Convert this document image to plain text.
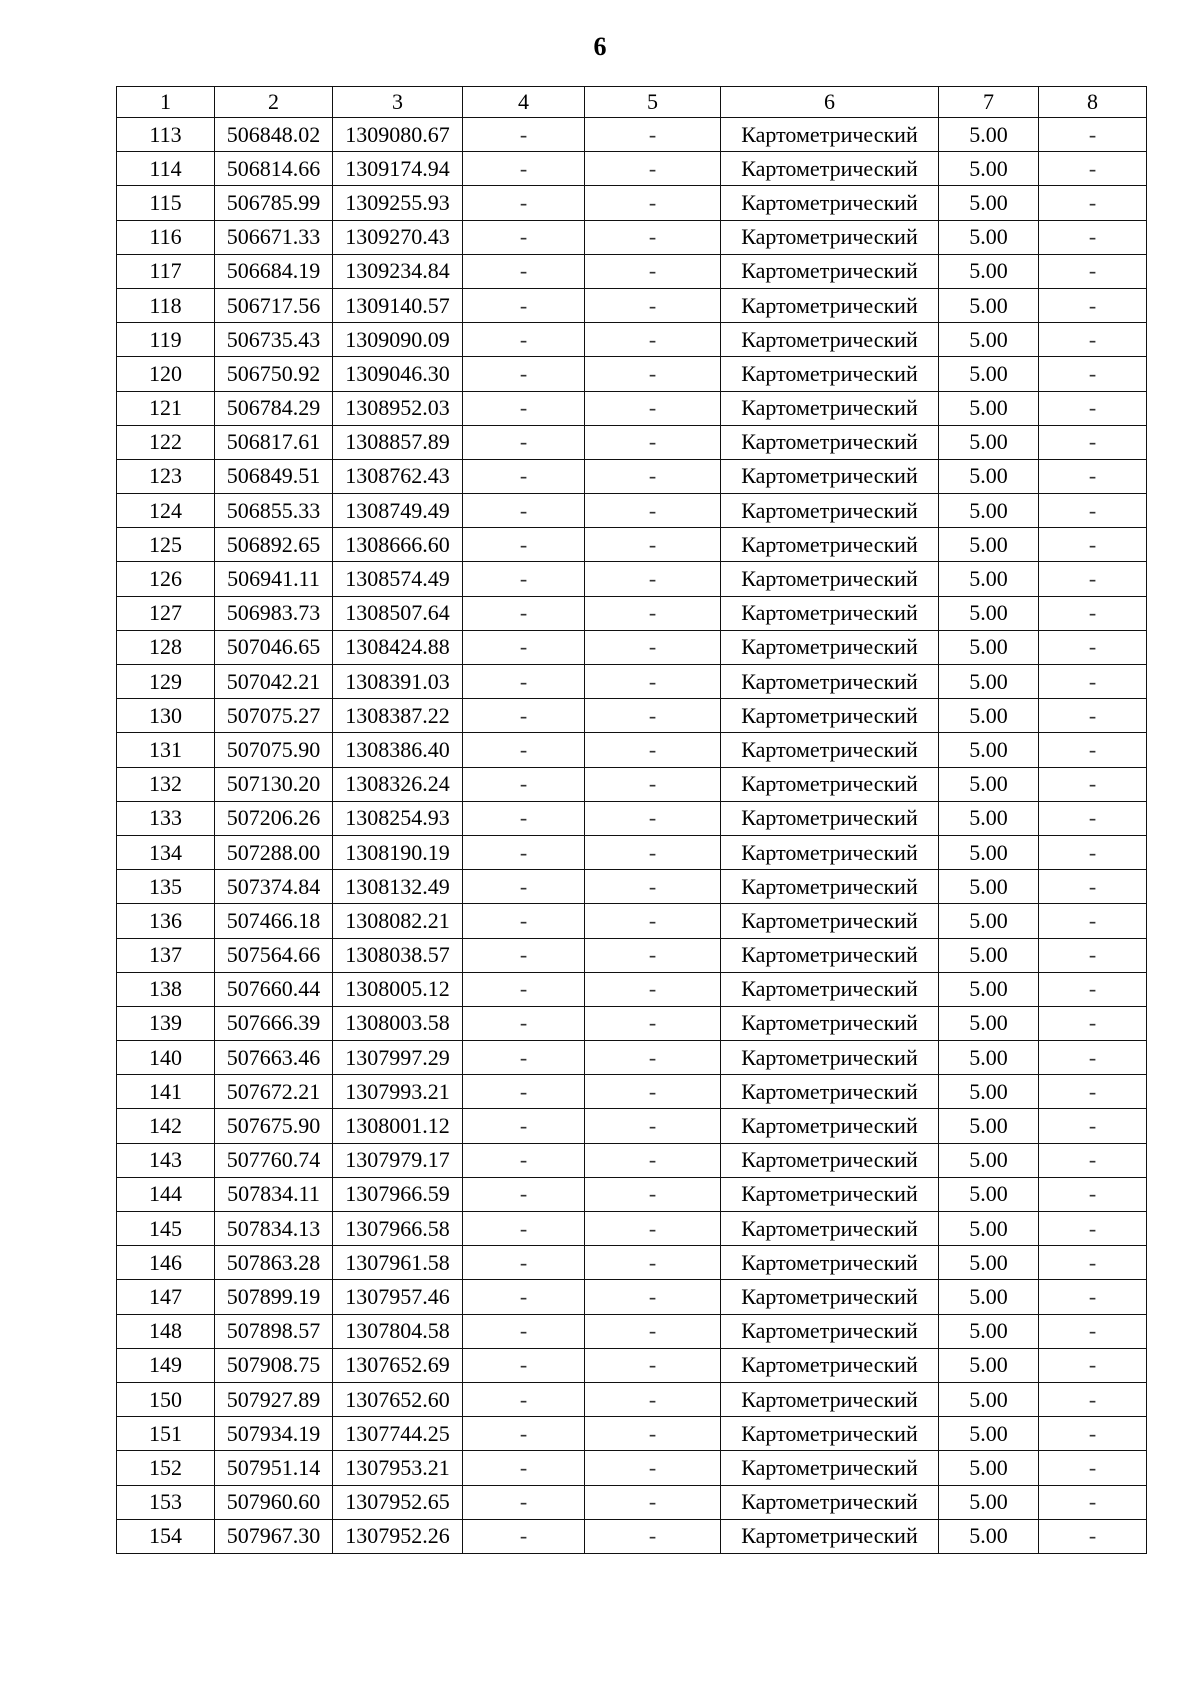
6
1	2	3	4	5	6	7	8
113	506848.02	1309080.67	-	-	Картометрический	5.00	-
114	506814.66	1309174.94	-	-	Картометрический	5.00	-
115	506785.99	1309255.93	-	-	Картометрический	5.00	-
116	506671.33	1309270.43	-	-	Картометрический	5.00	-
117	506684.19	1309234.84	-	-	Картометрический	5.00	-
118	506717.56	1309140.57	-	-	Картометрический	5.00	-
119	506735.43	1309090.09	-	-	Картометрический	5.00	-
120	506750.92	1309046.30	-	-	Картометрический	5.00	-
121	506784.29	1308952.03	-	-	Картометрический	5.00	-
122	506817.61	1308857.89	-	-	Картометрический	5.00	-
123	506849.51	1308762.43	-	-	Картометрический	5.00	-
124	506855.33	1308749.49	-	-	Картометрический	5.00	-
125	506892.65	1308666.60	-	-	Картометрический	5.00	-
126	506941.11	1308574.49	-	-	Картометрический	5.00	-
127	506983.73	1308507.64	-	-	Картометрический	5.00	-
128	507046.65	1308424.88	-	-	Картометрический	5.00	-
129	507042.21	1308391.03	-	-	Картометрический	5.00	-
130	507075.27	1308387.22	-	-	Картометрический	5.00	-
131	507075.90	1308386.40	-	-	Картометрический	5.00	-
132	507130.20	1308326.24	-	-	Картометрический	5.00	-
133	507206.26	1308254.93	-	-	Картометрический	5.00	-
134	507288.00	1308190.19	-	-	Картометрический	5.00	-
135	507374.84	1308132.49	-	-	Картометрический	5.00	-
136	507466.18	1308082.21	-	-	Картометрический	5.00	-
137	507564.66	1308038.57	-	-	Картометрический	5.00	-
138	507660.44	1308005.12	-	-	Картометрический	5.00	-
139	507666.39	1308003.58	-	-	Картометрический	5.00	-
140	507663.46	1307997.29	-	-	Картометрический	5.00	-
141	507672.21	1307993.21	-	-	Картометрический	5.00	-
142	507675.90	1308001.12	-	-	Картометрический	5.00	-
143	507760.74	1307979.17	-	-	Картометрический	5.00	-
144	507834.11	1307966.59	-	-	Картометрический	5.00	-
145	507834.13	1307966.58	-	-	Картометрический	5.00	-
146	507863.28	1307961.58	-	-	Картометрический	5.00	-
147	507899.19	1307957.46	-	-	Картометрический	5.00	-
148	507898.57	1307804.58	-	-	Картометрический	5.00	-
149	507908.75	1307652.69	-	-	Картометрический	5.00	-
150	507927.89	1307652.60	-	-	Картометрический	5.00	-
151	507934.19	1307744.25	-	-	Картометрический	5.00	-
152	507951.14	1307953.21	-	-	Картометрический	5.00	-
153	507960.60	1307952.65	-	-	Картометрический	5.00	-
154	507967.30	1307952.26	-	-	Картометрический	5.00	-
